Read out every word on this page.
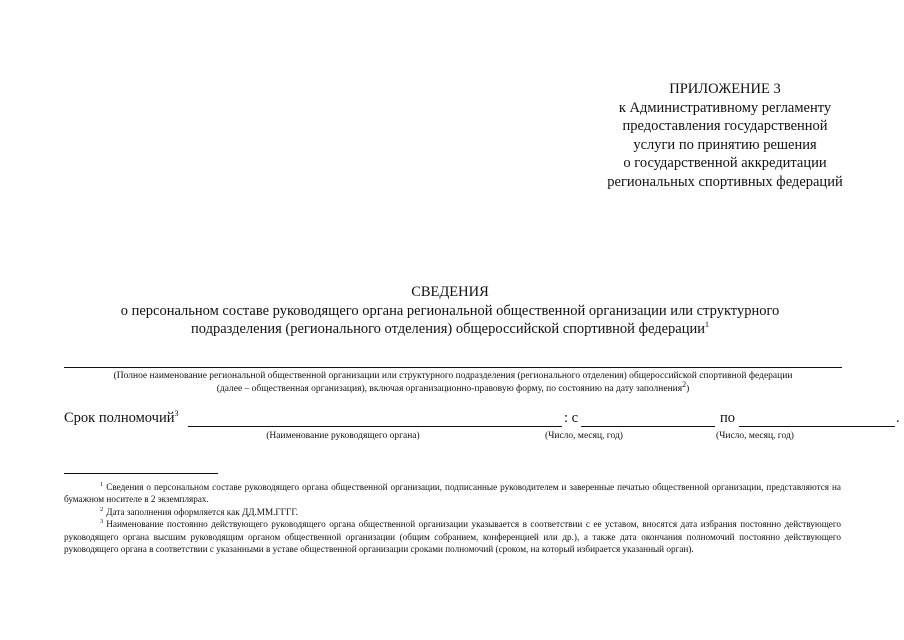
ПРИЛОЖЕНИЕ 3
к Административному регламенту
предоставления государственной
услуги по принятию решения
о государственной аккредитации
региональных спортивных федераций
СВЕДЕНИЯ
о персональном составе руководящего органа региональной общественной организации или структурного
подразделения (регионального отделения) общероссийской спортивной федерации$^1$
(Полное наименование региональной общественной организации или структурного подразделения (регионального отделения) общероссийской спортивной федерации
(далее – общественная организация), включая организационно-правовую форму, по состоянию на дату заполнения$^2$)
Срок полномочий$^3$	: с	по	.
(Наименование руководящего органа)	(Число, месяц, год)	(Число, месяц, год)

$^1$ Сведения о персональном составе руководящего органа общественной организации, подписанные руководителем и заверенные печатью общественной организации, представляются на бумажном носителе в 2 экземплярах.

$^2$ Дата заполнения оформляется как ДД.ММ.ГГГГ.

$^3$ Наименование постоянно действующего руководящего органа общественной организации указывается в соответствии с ее уставом, вносятся дата избрания постоянно действующего руководящего органа высшим руководящим органом общественной организации (общим собранием, конференцией или др.), а также дата окончания полномочий постоянно действующего руководящего органа в соответствии с указанными в уставе общественной организации сроками полномочий (сроком, на который избирается указанный орган).
